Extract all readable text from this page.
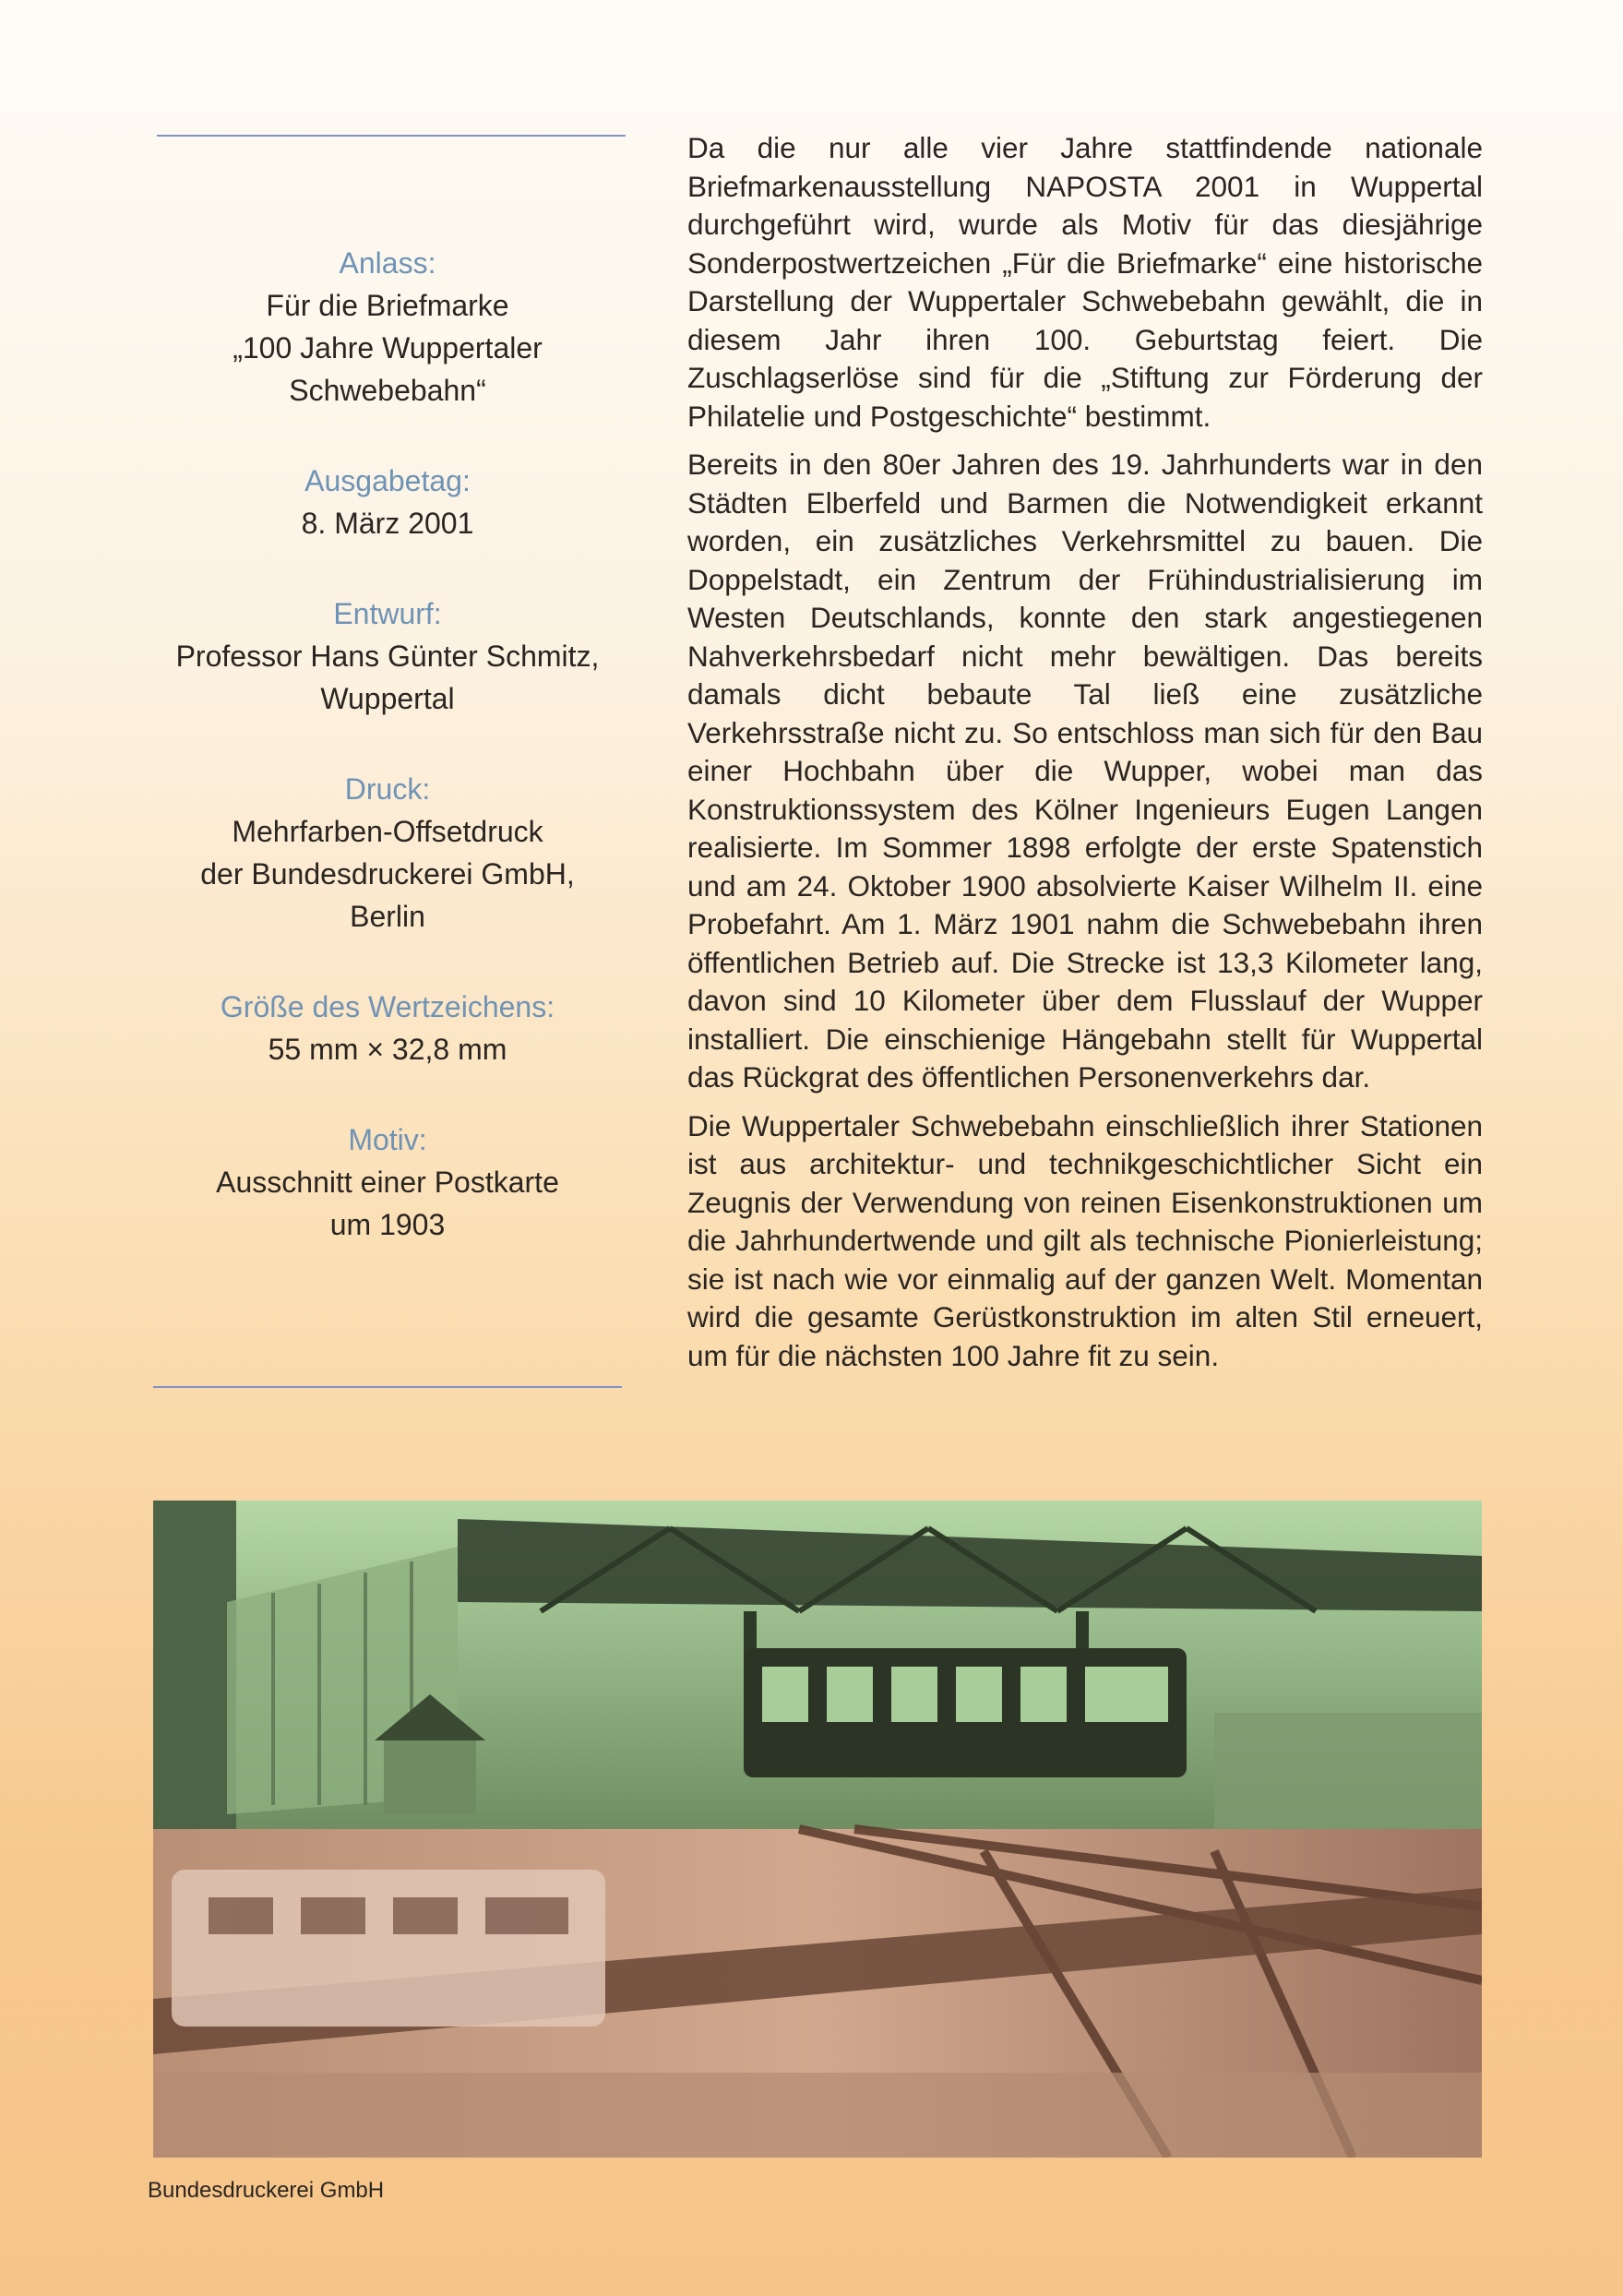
Anlass:
Für die Briefmarke
„100 Jahre Wuppertaler
Schwebebahn“
Ausgabetag:
8. März 2001
Entwurf:
Professor Hans Günter Schmitz,
Wuppertal
Druck:
Mehrfarben-Offsetdruck
der Bundesdruckerei GmbH,
Berlin
Größe des Wertzeichens:
55 mm × 32,8 mm
Motiv:
Ausschnitt einer Postkarte
um 1903

Da die nur alle vier Jahre stattfindende nationale Briefmarkenausstellung NAPOSTA 2001 in Wuppertal durchgeführt wird, wurde als Motiv für das diesjährige Sonderpostwertzeichen „Für die Briefmarke“ eine historische Darstellung der Wuppertaler Schwebebahn gewählt, die in diesem Jahr ihren 100. Geburtstag feiert. Die Zuschlagserlöse sind für die „Stiftung zur Förderung der Philatelie und Postgeschichte“ bestimmt.

Bereits in den 80er Jahren des 19. Jahrhunderts war in den Städten Elberfeld und Barmen die Notwendigkeit erkannt worden, ein zusätzliches Verkehrsmittel zu bauen. Die Doppelstadt, ein Zentrum der Frühindustrialisierung im Westen Deutschlands, konnte den stark angestiegenen Nahverkehrsbedarf nicht mehr bewältigen. Das bereits damals dicht bebaute Tal ließ eine zusätzliche Verkehrsstraße nicht zu. So entschloss man sich für den Bau einer Hochbahn über die Wupper, wobei man das Konstruktionssystem des Kölner Ingenieurs Eugen Langen realisierte. Im Sommer 1898 erfolgte der erste Spatenstich und am 24. Oktober 1900 absolvierte Kaiser Wilhelm II. eine Probefahrt. Am 1. März 1901 nahm die Schwebebahn ihren öffentlichen Betrieb auf. Die Strecke ist 13,3 Kilometer lang, davon sind 10 Kilometer über dem Flusslauf der Wupper installiert. Die einschienige Hängebahn stellt für Wuppertal das Rückgrat des öffentlichen Personenverkehrs dar.

Die Wuppertaler Schwebebahn einschließlich ihrer Stationen ist aus architektur- und technikgeschichtlicher Sicht ein Zeugnis der Verwendung von reinen Eisenkonstruktionen um die Jahrhundertwende und gilt als technische Pionierleistung; sie ist nach wie vor einmalig auf der ganzen Welt. Momentan wird die gesamte Gerüstkonstruktion im alten Stil erneuert, um für die nächsten 100 Jahre fit zu sein.

Bundesdruckerei GmbH
